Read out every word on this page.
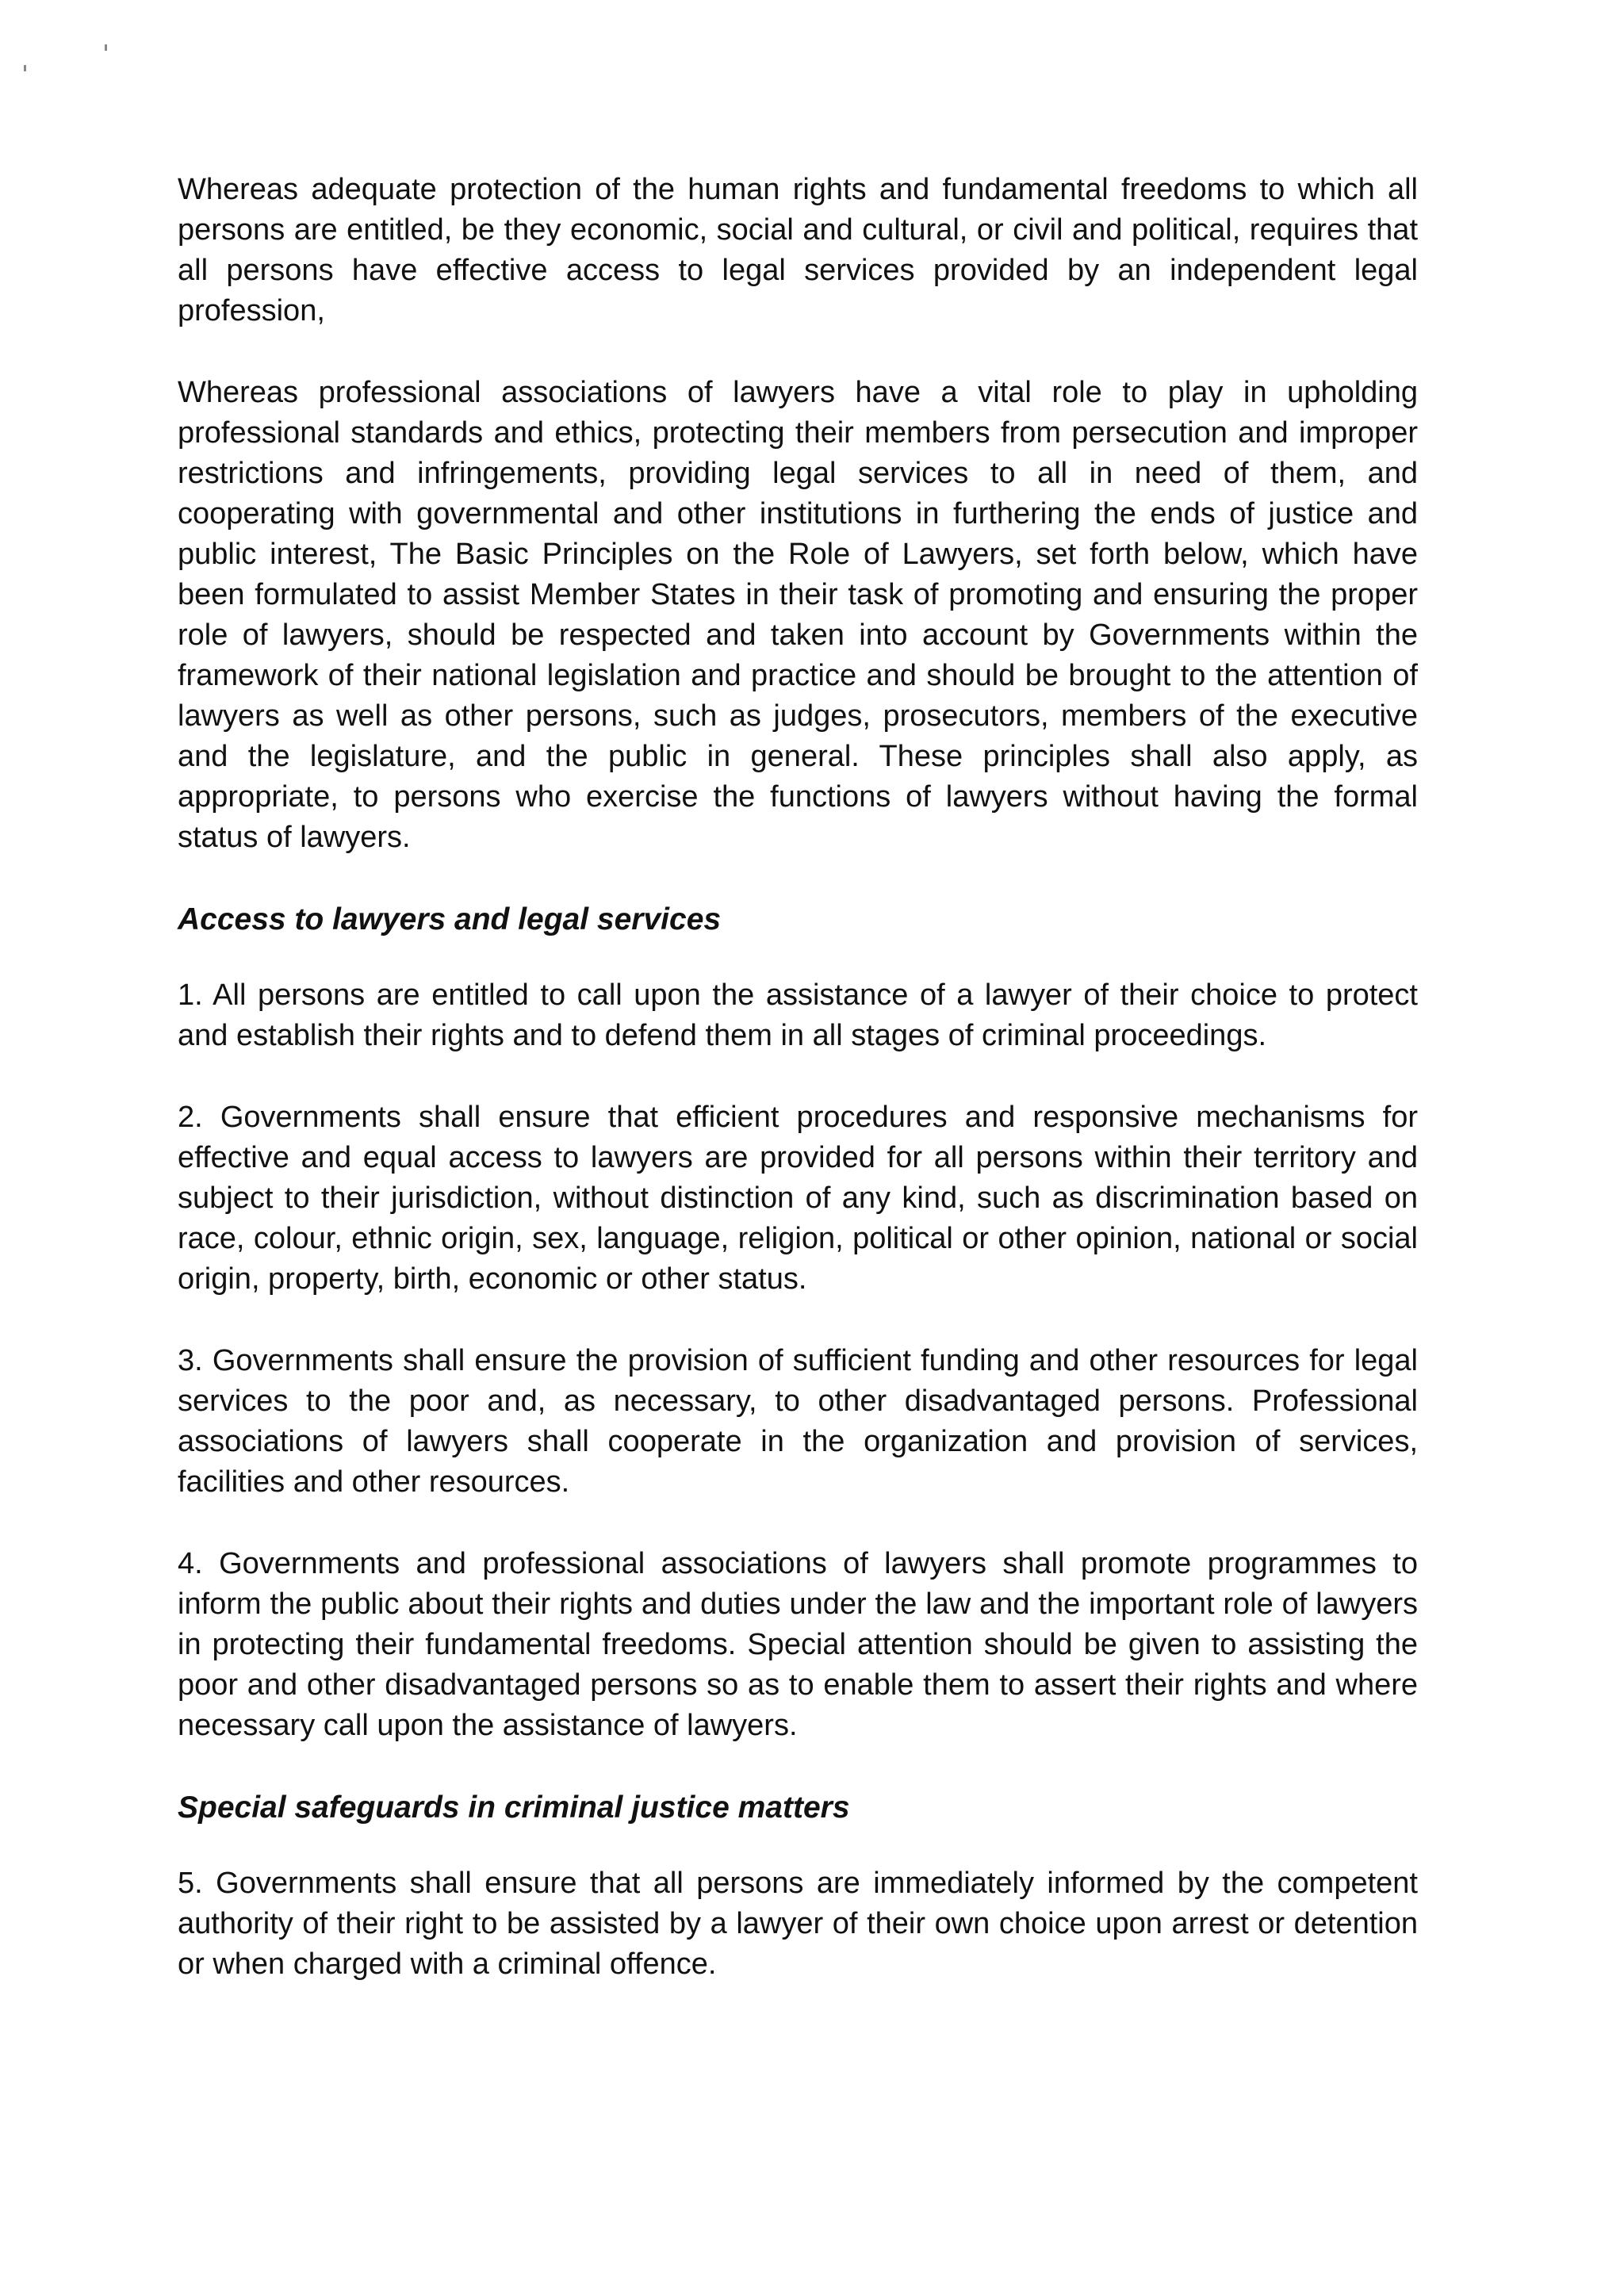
Whereas adequate protection of the human rights and fundamental freedoms to which all persons are entitled, be they economic, social and cultural, or civil and political, requires that all persons have effective access to legal services provided by an independent legal profession,

Whereas professional associations of lawyers have a vital role to play in upholding professional standards and ethics, protecting their members from persecution and improper restrictions and infringements, providing legal services to all in need of them, and cooperating with governmental and other institutions in furthering the ends of justice and public interest, The Basic Principles on the Role of Lawyers, set forth below, which have been formulated to assist Member States in their task of promoting and ensuring the proper role of lawyers, should be respected and taken into account by Governments within the framework of their national legislation and practice and should be brought to the attention of lawyers as well as other persons, such as judges, prosecutors, members of the executive and the legislature, and the public in general. These principles shall also apply, as appropriate, to persons who exercise the functions of lawyers without having the formal status of lawyers.

Access to lawyers and legal services

1. All persons are entitled to call upon the assistance of a lawyer of their choice to protect and establish their rights and to defend them in all stages of criminal proceedings.

2. Governments shall ensure that efficient procedures and responsive mechanisms for effective and equal access to lawyers are provided for all persons within their territory and subject to their jurisdiction, without distinction of any kind, such as discrimination based on race, colour, ethnic origin, sex, language, religion, political or other opinion, national or social origin, property, birth, economic or other status.

3. Governments shall ensure the provision of sufficient funding and other resources for legal services to the poor and, as necessary, to other disadvantaged persons. Professional associations of lawyers shall cooperate in the organization and provision of services, facilities and other resources.

4. Governments and professional associations of lawyers shall promote programmes to inform the public about their rights and duties under the law and the important role of lawyers in protecting their fundamental freedoms. Special attention should be given to assisting the poor and other disadvantaged persons so as to enable them to assert their rights and where necessary call upon the assistance of lawyers.

Special safeguards in criminal justice matters

5. Governments shall ensure that all persons are immediately informed by the competent authority of their right to be assisted by a lawyer of their own choice upon arrest or detention or when charged with a criminal offence.
